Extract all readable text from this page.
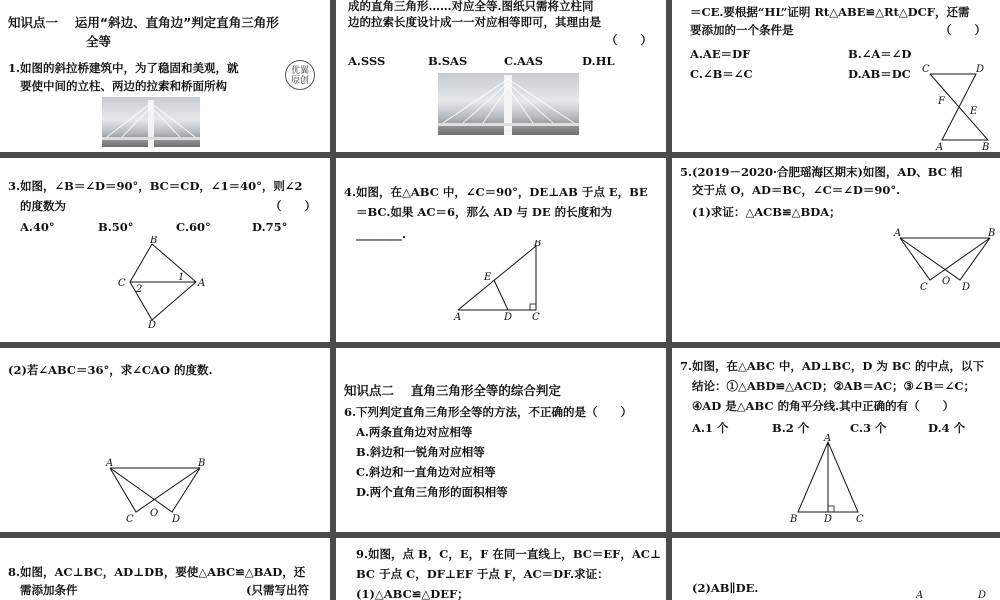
知识点一　 运用“斜边、直角边”判定直角三角形
全等
1.如图的斜拉桥建筑中，为了稳固和美观，就
要使中间的立柱、两边的拉索和桥面所构
优翼 原创
成的直角三角形……对应全等.图纸只需将立柱同
边的拉索长度设计成一一对应相等即可，其理由是
（　　）
A.SSS	B.SAS	C.AAS	D.HL
＝CE.要根据“HL”证明 Rt△ABE≌△Rt△DCF，还需
要添加的一个条件是	（　　）
A.AE＝DF	B.∠A＝∠D
C.∠B＝∠C	D.AB＝DC C	D
F
E
A	B
3.如图，∠B＝∠D＝90°，BC＝CD，∠1＝40°，则∠2
的度数为	（　　）
A.40°	B.50°	C.60°	D.75°
B
C	A
D
1
2
4.如图，在△ABC 中，∠C＝90°，DE⊥AB 于点 E，BE
＝BC.如果 AC＝6，那么 AD 与 DE 的长度和为
________.
B
E
A	D C
5.(2019－2020·合肥瑶海区期末)如图，AD、BC 相
交于点 O，AD＝BC，∠C＝∠D＝90°.
(1)求证：△ACB≌△BDA；
A	B
C
O
D
(2)若∠ABC＝36°，求∠CAO 的度数.
A	B
C
O
D
知识点二　 直角三角形全等的综合判定
6.下列判定直角三角形全等的方法，不正确的是（　　）
A.两条直角边对应相等
B.斜边和一锐角对应相等
C.斜边和一直角边对应相等
D.两个直角三角形的面积相等
7.如图，在△ABC 中，AD⊥BC，D 为 BC 的中点，以下
结论：①△ABD≌△ACD；②AB＝AC；③∠B＝∠C；
④AD 是△ABC 的角平分线.其中正确的有（　　）
A.1 个	B.2 个	C.3 个	D.4 个
A
B	D C
8.如图，AC⊥BC，AD⊥DB，要使△ABC≌△BAD，还
需添加条件	(只需写出符
9.如图，点 B，C，E，F 在同一直线上，BC＝EF，AC⊥
BC 于点 C，DF⊥EF 于点 F，AC＝DF.求证：
(1)△ABC≌△DEF；	(2)AB∥DE.
A	D
